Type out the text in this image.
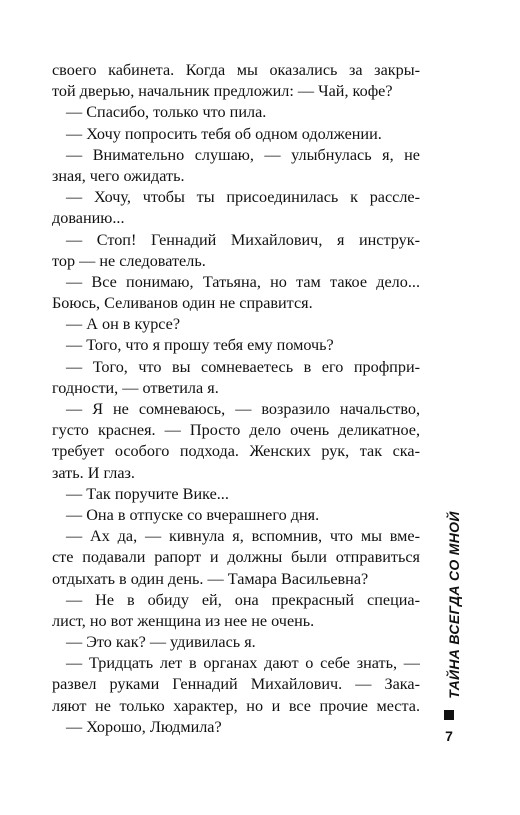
своего кабинета. Когда мы оказались за закры-
той дверью, начальник предложил: — Чай, кофе?
— Спасибо, только что пила.
— Хочу попросить тебя об одном одолжении.
— Внимательно слушаю, — улыбнулась я, не
зная, чего ожидать.
— Хочу, чтобы ты присоединилась к рассле-
дованию...
— Стоп! Геннадий Михайлович, я инструк-
тор — не следователь.
— Все понимаю, Татьяна, но там такое дело...
Боюсь, Селиванов один не справится.
— А он в курсе?
— Того, что я прошу тебя ему помочь?
— Того, что вы сомневаетесь в его профпри-
годности, — ответила я.
— Я не сомневаюсь, — возразило начальство,
густо краснея. — Просто дело очень деликатное,
требует особого подхода. Женских рук, так ска-
зать. И глаз.
— Так поручите Вике...
— Она в отпуске со вчерашнего дня.
— Ах да, — кивнула я, вспомнив, что мы вме-
сте подавали рапорт и должны были отправиться
отдыхать в один день. — Тамара Васильевна?
— Не в обиду ей, она прекрасный специа-
лист, но вот женщина из нее не очень.
— Это как? — удивилась я.
— Тридцать лет в органах дают о себе знать, —
развел руками Геннадий Михайлович. — Зака-
ляют не только характер, но и все прочие места.
— Хорошо, Людмила?
ТАЙНА ВСЕГДА СО МНОЙ
7
